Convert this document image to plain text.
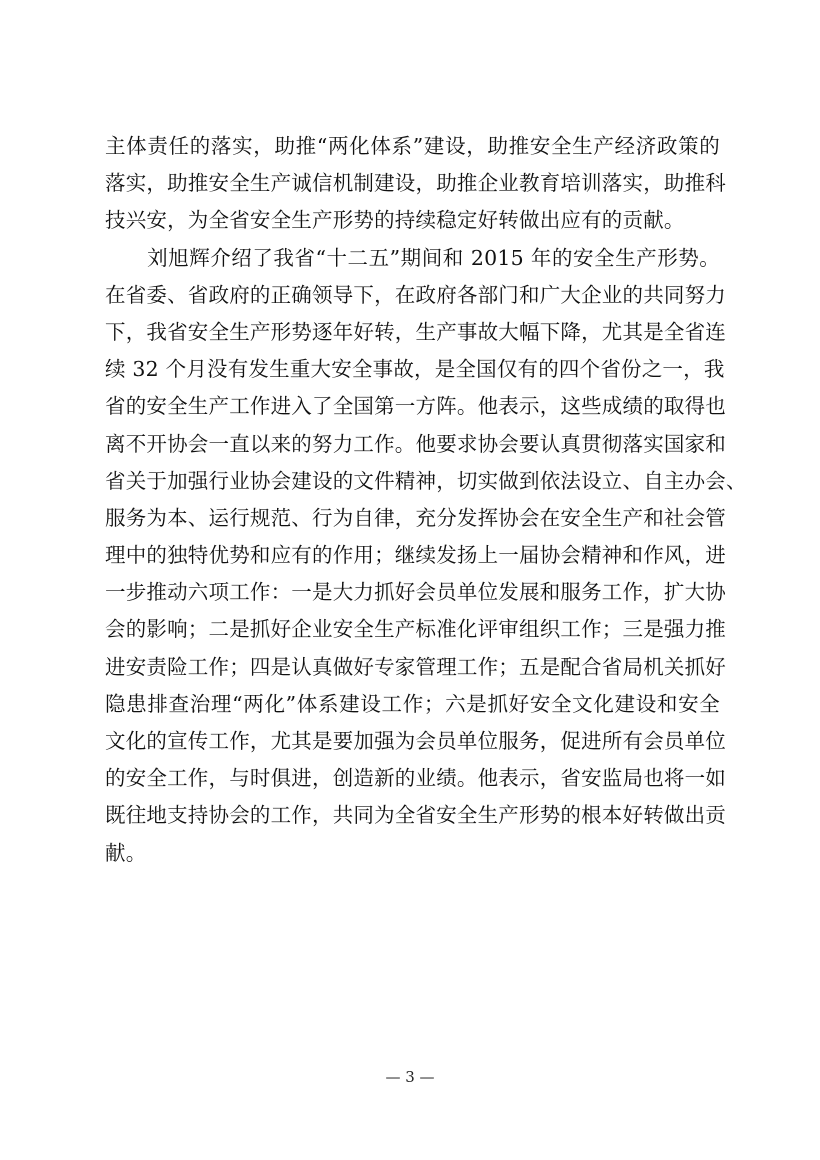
主体责任的落实，助推“两化体系”建设，助推安全生产经济政策的
落实，助推安全生产诚信机制建设，助推企业教育培训落实，助推科
技兴安，为全省安全生产形势的持续稳定好转做出应有的贡献。
　　刘旭辉介绍了我省“十二五”期间和 2015 年的安全生产形势。
在省委、省政府的正确领导下，在政府各部门和广大企业的共同努力
下，我省安全生产形势逐年好转，生产事故大幅下降，尤其是全省连
续 32 个月没有发生重大安全事故，是全国仅有的四个省份之一，我
省的安全生产工作进入了全国第一方阵。他表示，这些成绩的取得也
离不开协会一直以来的努力工作。他要求协会要认真贯彻落实国家和
省关于加强行业协会建设的文件精神，切实做到依法设立、自主办会、
服务为本、运行规范、行为自律，充分发挥协会在安全生产和社会管
理中的独特优势和应有的作用；继续发扬上一届协会精神和作风，进
一步推动六项工作：一是大力抓好会员单位发展和服务工作，扩大协
会的影响；二是抓好企业安全生产标准化评审组织工作；三是强力推
进安责险工作；四是认真做好专家管理工作；五是配合省局机关抓好
隐患排查治理“两化”体系建设工作；六是抓好安全文化建设和安全
文化的宣传工作，尤其是要加强为会员单位服务，促进所有会员单位
的安全工作，与时俱进，创造新的业绩。他表示，省安监局也将一如
既往地支持协会的工作，共同为全省安全生产形势的根本好转做出贡
献。
— 3 —
